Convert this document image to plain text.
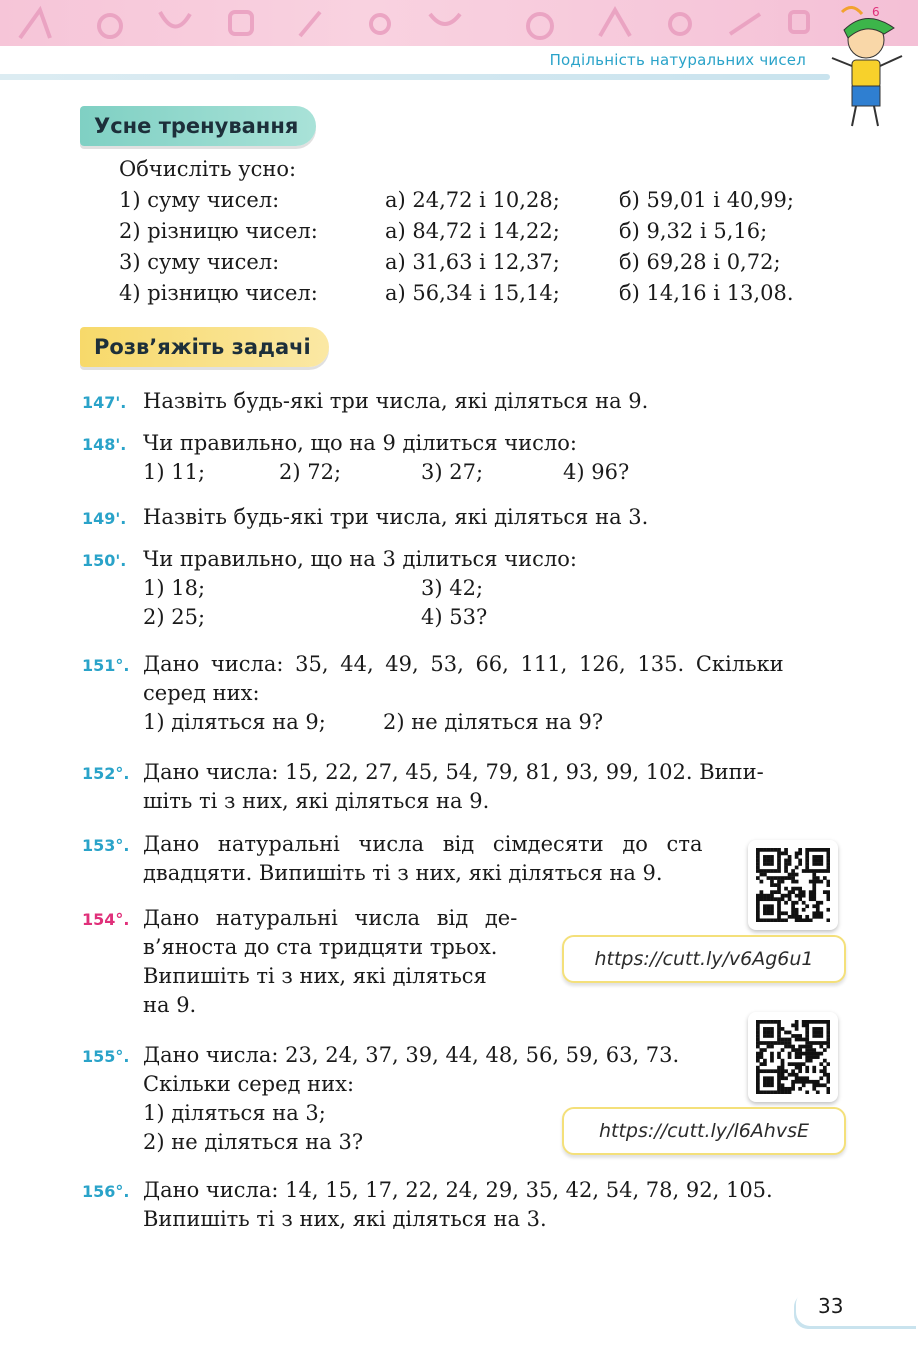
Подільність натуральних чисел
6
Усне тренування
Обчисліть усно:
1) суму чисел:	а) 24,72 і 10,28;	б) 59,01 і 40,99;
2) різницю чисел:	а) 84,72 і 14,22;	б) 9,32 і 5,16;
3) суму чисел:	а) 31,63 і 12,37;	б) 69,28 і 0,72;
4) різницю чисел:	а) 56,34 і 15,14;	б) 14,16 і 13,08.
Розв’яжіть задачі
147'. Назвіть будь-які три числа, які діляться на 9.
148'. Чи правильно, що на 9 ділиться число:
1) 11;	2) 72;	3) 27;	4) 96?
149'. Назвіть будь-які три числа, які діляться на 3.
150'. Чи правильно, що на 3 ділиться число:
1) 18;	3) 42;
2) 25;	4) 53?
151°. Дано числа: 35, 44, 49, 53, 66, 111, 126, 135. Скільки
серед них:
1) діляться на 9;	2) не діляться на 9?
152°. Дано числа: 15, 22, 27, 45, 54, 79, 81, 93, 99, 102. Випи-
шіть ті з них, які діляться на 9.
153°. Дано натуральні числа від сімдесяти до ста
двадцяти. Випишіть ті з них, які діляться на 9.
154°. Дано натуральні числа від де-
в’яноста до ста тридцяти трьох.
Випишіть ті з них, які діляться
на 9.
155°. Дано числа: 23, 24, 37, 39, 44, 48, 56, 59, 63, 73.
Скільки серед них:
1) діляться на 3;
2) не діляться на 3?
156°. Дано числа: 14, 15, 17, 22, 24, 29, 35, 42, 54, 78, 92, 105.
Випишіть ті з них, які діляться на 3.
https://cutt.ly/v6Ag6u1
https://cutt.ly/l6AhvsE
33
